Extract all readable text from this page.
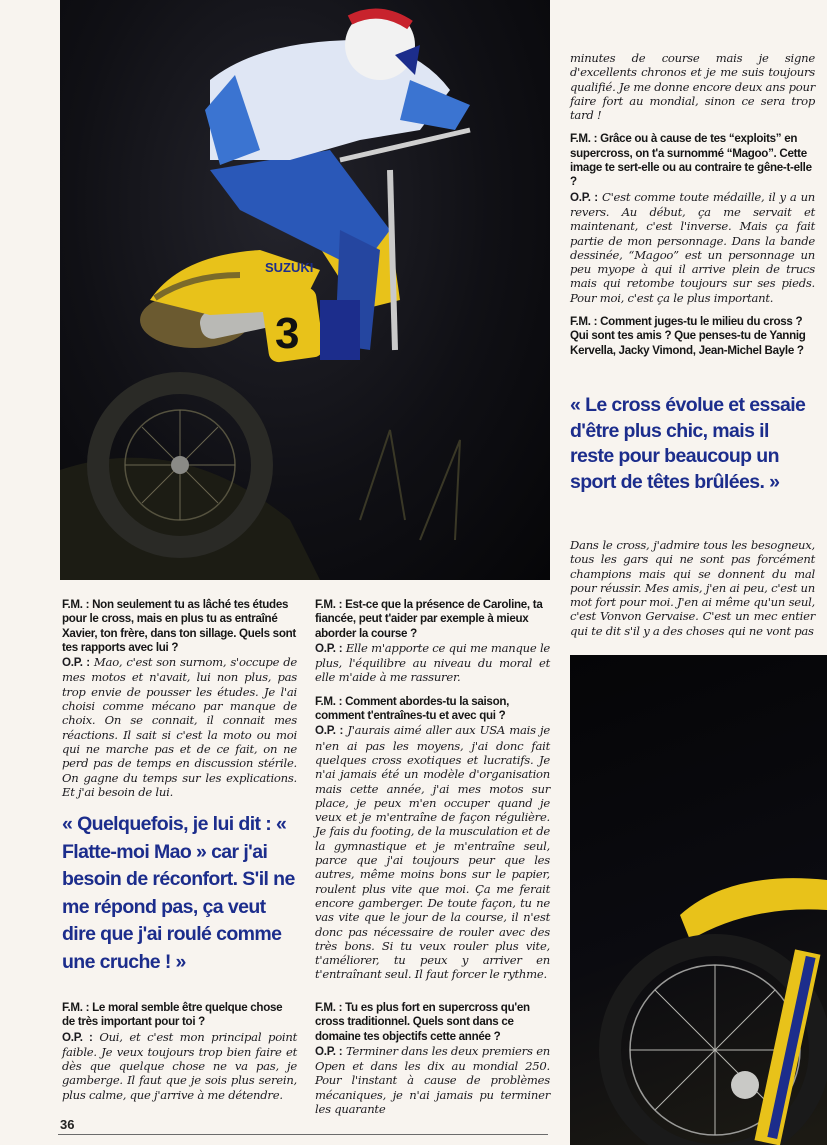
SUZUKI
3

minutes de course mais je signe d'excellents chronos et je me suis toujours qualifié. Je me donne encore deux ans pour faire fort au mondial, sinon ce sera trop tard !

F.M. : Grâce ou à cause de tes “exploits” en supercross, on t'a surnommé “Magoo”. Cette image te sert-elle ou au contraire te gêne-t-elle ?

O.P. : C'est comme toute médaille, il y a un revers. Au début, ça me servait et maintenant, c'est l'inverse. Mais ça fait partie de mon personnage. Dans la bande dessinée, “Magoo” est un personnage un peu myope à qui il arrive plein de trucs mais qui retombe toujours sur ses pieds. Pour moi, c'est ça le plus important.

F.M. : Comment juges-tu le milieu du cross ? Qui sont tes amis ? Que penses-tu de Yannig Kervella, Jacky Vimond, Jean-Michel Bayle ?
« Le cross évolue et essaie d'être plus chic, mais il reste pour beaucoup un sport de têtes brûlées. »

Dans le cross, j'admire tous les besogneux, tous les gars qui ne sont pas forcément champions mais qui se donnent du mal pour réussir. Mes amis, j'en ai peu, c'est un mot fort pour moi. J'en ai même qu'un seul, c'est Vonvon Gervaise. C'est un mec entier qui te dit s'il y a des choses qui ne vont pas

F.M. : Non seulement tu as lâché tes études pour le cross, mais en plus tu as entraîné Xavier, ton frère, dans ton sillage. Quels sont tes rapports avec lui ?

O.P. : Mao, c'est son surnom, s'occupe de mes motos et n'avait, lui non plus, pas trop envie de pousser les études. Je l'ai choisi comme mécano par manque de choix. On se connait, il connait mes réactions. Il sait si c'est la moto ou moi qui ne marche pas et de ce fait, on ne perd pas de temps en discussion stérile. On gagne du temps sur les explications. Et j'ai besoin de lui.

« Quelquefois, je lui dit : « Flatte-moi Mao » car j'ai besoin de réconfort. S'il ne me répond pas, ça veut dire que j'ai roulé comme une cruche ! »
F.M. : Le moral semble être quelque chose de très important pour toi ?

O.P. : Oui, et c'est mon principal point faible. Je veux toujours trop bien faire et dès que quelque chose ne va pas, je gamberge. Il faut que je sois plus serein, plus calme, que j'arrive à me détendre.

F.M. : Est-ce que la présence de Caroline, ta fiancée, peut t'aider par exemple à mieux aborder la course ?

O.P. : Elle m'apporte ce qui me manque le plus, l'équilibre au niveau du moral et elle m'aide à me rassurer.

F.M. : Comment abordes-tu la saison, comment t'entraînes-tu et avec qui ?

O.P. : J'aurais aimé aller aux USA mais je n'en ai pas les moyens, j'ai donc fait quelques cross exotiques et lucratifs. Je n'ai jamais été un modèle d'organisation mais cette année, j'ai mes motos sur place, je peux m'en occuper quand je veux et je m'entraîne de façon régulière. Je fais du footing, de la musculation et de la gymnastique et je m'entraîne seul, parce que j'ai toujours peur que les autres, même moins bons sur le papier, roulent plus vite que moi. Ça me ferait encore gamberger. De toute façon, tu ne vas vite que le jour de la course, il n'est donc pas nécessaire de rouler avec des très bons. Si tu veux rouler plus vite, t'améliorer, tu peux y arriver en t'entraînant seul. Il faut forcer le rythme.

F.M. : Tu es plus fort en supercross qu'en cross traditionnel. Quels sont dans ce domaine tes objectifs cette année ?

O.P. : Terminer dans les deux premiers en Open et dans les dix au mondial 250. Pour l'instant à cause de problèmes mécaniques, je n'ai jamais pu terminer les quarante

36
